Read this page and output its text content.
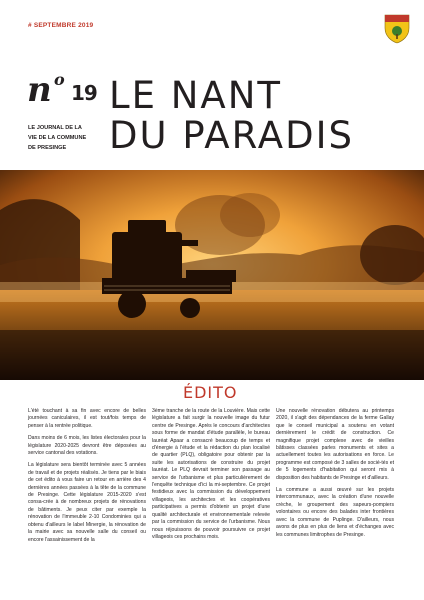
# SEPTEMBRE 2019
n o
19
LE JOURNAL DE LA
VIE DE LA COMMUNE
DE PRESINGE
LE NANT
DU PARADIS
ÉDITO

L'été touchant à sa fin avec encore de belles journées caniculaires, il est tout/fois temps de penser à la rentrée politique.

Dans moins de 6 mois, les listes électorales pour la législature 2020-2025 devront être déposées au service cantonal des votations.

La législature sera bientôt terminée avec 5 années de travail et de projets réalisés. Je tiens par le biais de cet édito à vous faire un retour en arrière des 4 dernières années passées à la tête de la commune de Presinge. Cette législature 2015-2020 s'est consa-crée à de nombreux projets de rénovations de bâtiments. Je peux citer par exemple la rénovation de l'immeuble 2-10 Condominies qui a obtenu d'ailleurs le label Minergie, la rénovation de la mairie avec sa nouvelle salle du conseil ou encore l'assainissement de la

3ème tranche de la route de la Louvière. Mais cette législature a fait surgir la nouvelle image du futur centre de Presinge. Après le concours d'architectes sous forme de mandat d'étude parallèle, le bureau lauréat Apaar a consacré beaucoup de temps et d'énergie à l'étude et la rédaction du plan localisé de quartier (PLQ), obligatoire pour obtenir par la suite les autorisations de construire du projet lauréat. Le PLQ devrait terminer son passage au service de l'urbanisme et plus particulièrement de l'enquête technique d'ici la mi-septembre. Ce projet festidieux avec la commission du développement villageois, les architectes et les coopératives participatives a permis d'obtenir un projet d'une qualité architecturale et environnementale relevée par la commission du service de l'urbanisme. Nous nous réjouissons de pouvoir poursuivre ce projet villageois ces prochains mois.

Une nouvelle rénovation débutera au printemps 2020, il s'agit des dépendances de la ferme Gallay que le conseil municipal a soutenu en votant dernièrement le crédit de construction. Ce magnifique projet complexe avec de vieilles bâtisses classées parles monuments et sites a actuellement toutes les autorisations en force. Le programme est composé de 3 salles de socié-tés et de 5 logements d'habitation qui seront mis à disposition des habitants de Presinge et d'ailleurs.

La commune a aussi œuvré sur les projets intercommunaux, avec la création d'une nouvelle crèche, le groupement des sapeurs-pompiers volontaires ou encore des balades inter frontières avec la commune de Puplinge. D'ailleurs, nous avons de plus en plus de liens et d'échanges avec les communes limitrophes de Presinge.
